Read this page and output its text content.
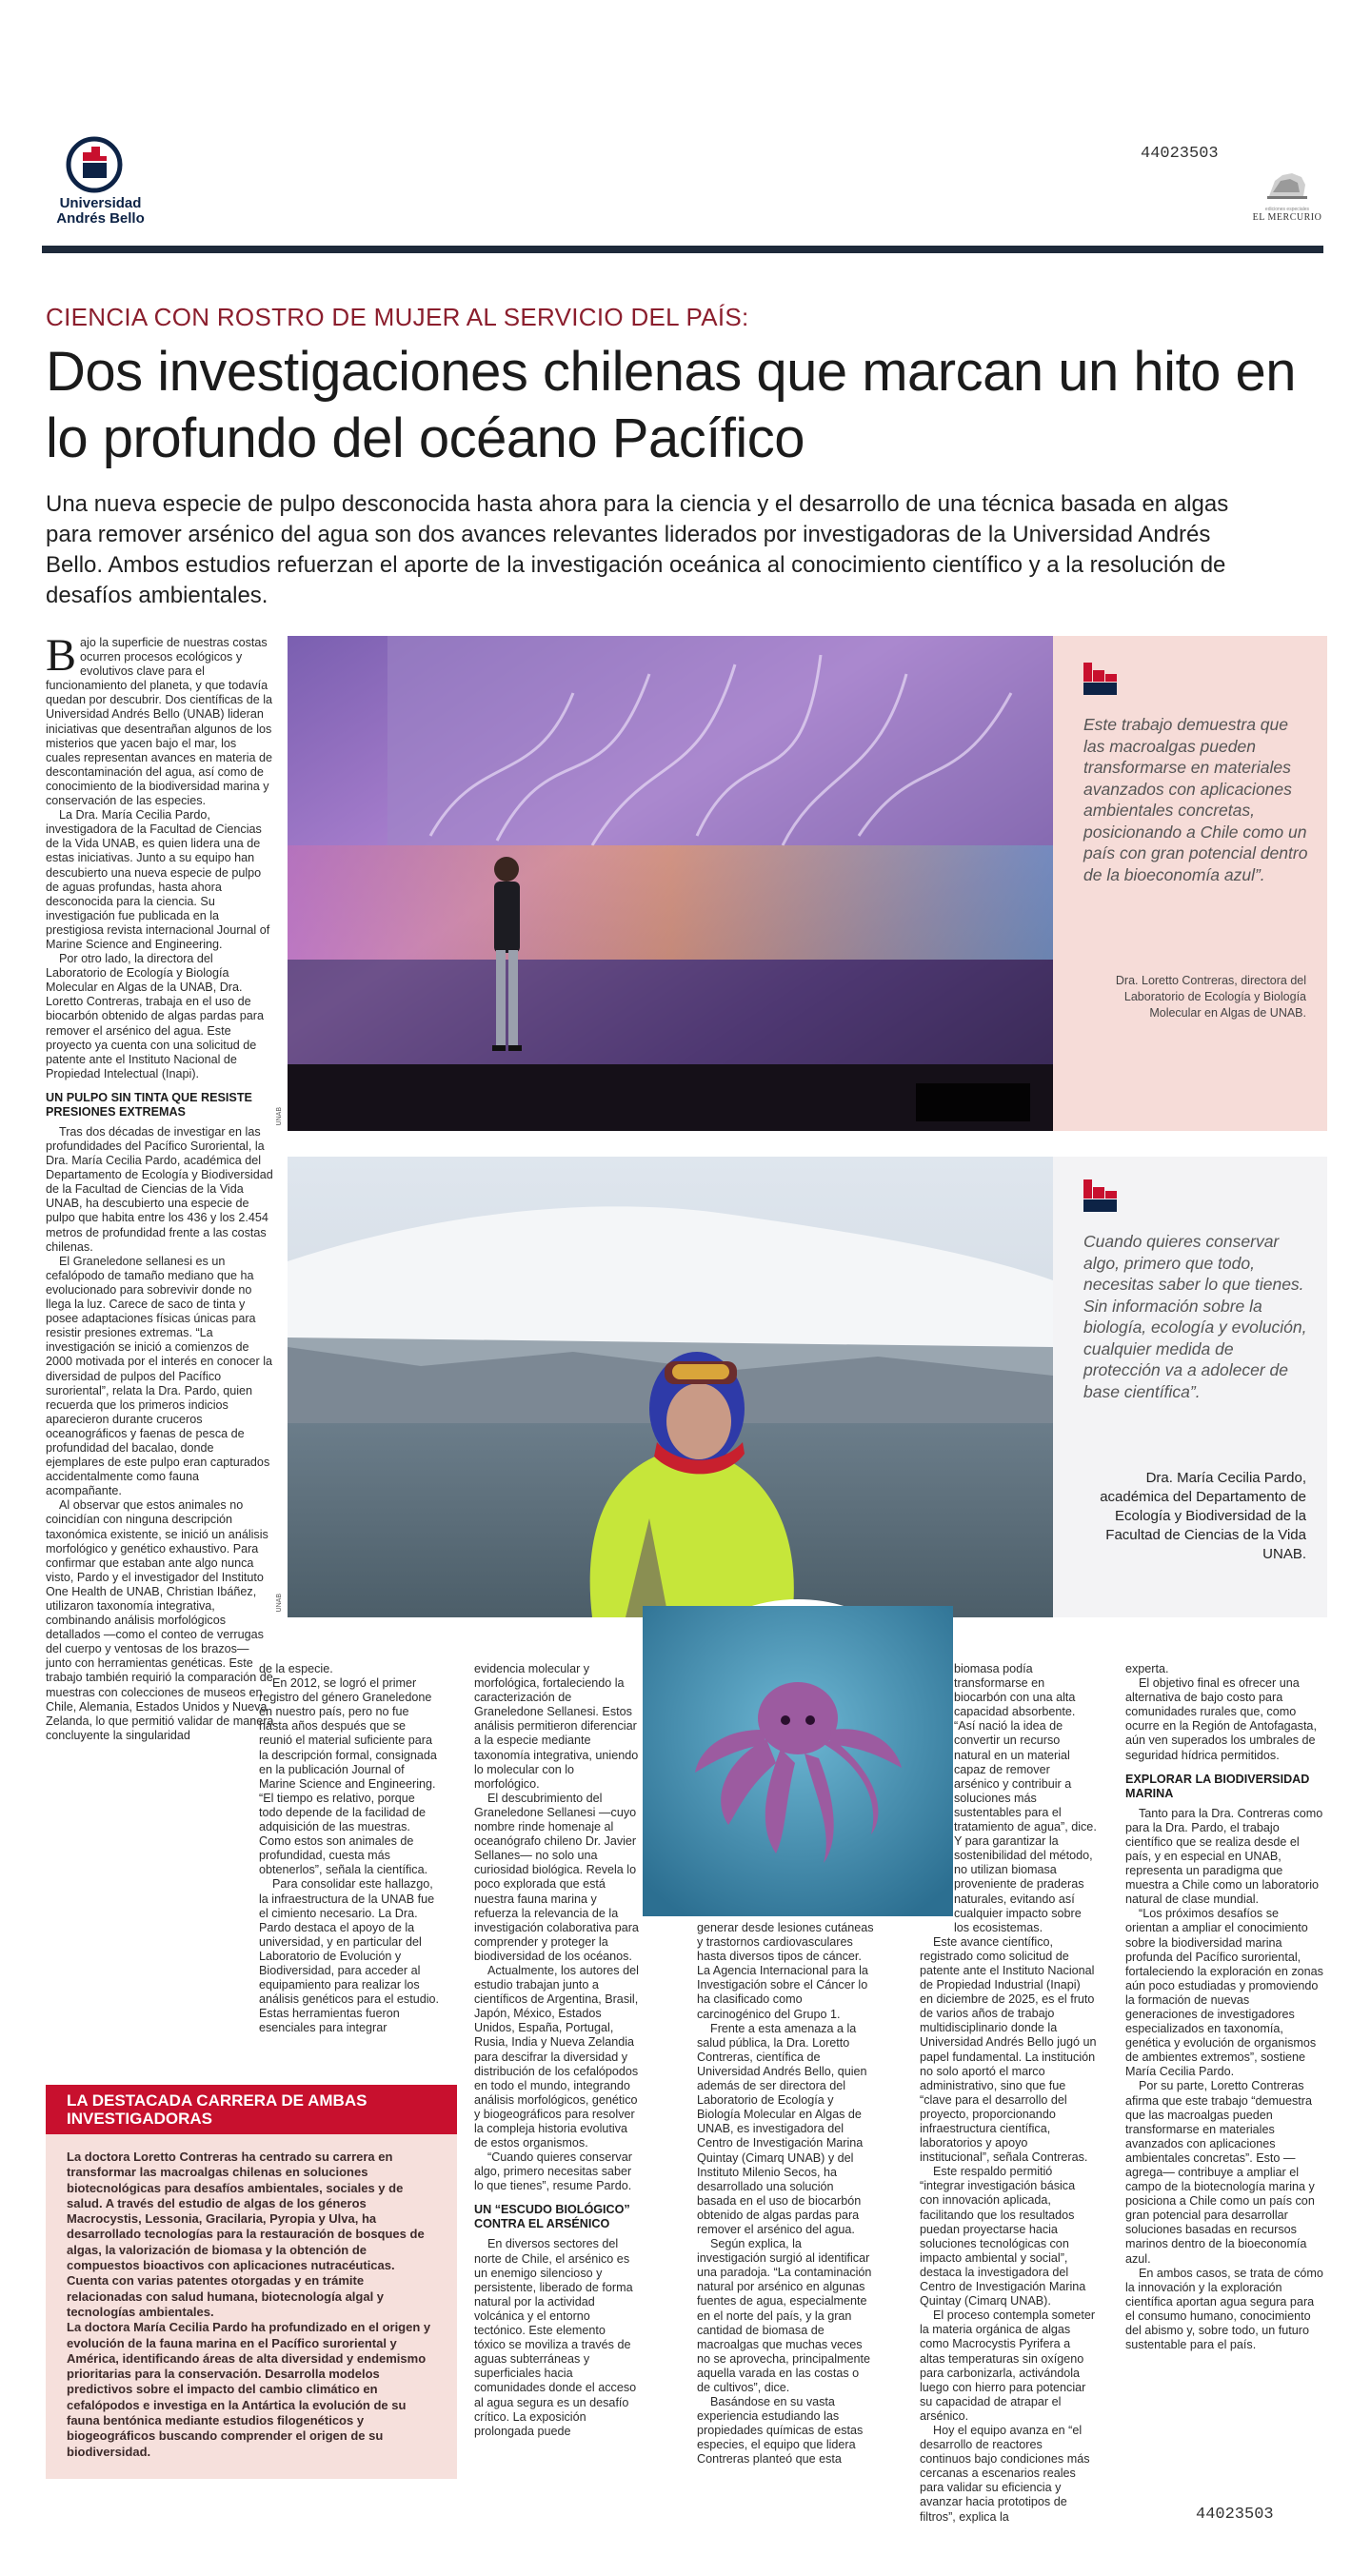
Universidad Andrés Bello
44023503
ediciones especiales
EL MERCURIO
CIENCIA CON ROSTRO DE MUJER AL SERVICIO DEL PAÍS:
Dos investigaciones chilenas que marcan un hito en lo profundo del océano Pacífico
Una nueva especie de pulpo desconocida hasta ahora para la ciencia y el desarrollo de una técnica basada en algas para remover arsénico del agua son dos avances relevantes liderados por investigadoras de la Universidad Andrés Bello. Ambos estudios refuerzan el aporte de la investigación oceánica al conocimiento científico y a la resolución de desafíos ambientales.

Bajo la superficie de nuestras costas ocurren procesos ecológicos y evolutivos clave para el funcionamiento del planeta, y que todavía quedan por descubrir. Dos científicas de la Universidad Andrés Bello (UNAB) lideran iniciativas que desentrañan algunos de los misterios que yacen bajo el mar, los cuales representan avances en materia de descontaminación del agua, así como de conocimiento de la biodiversidad marina y conservación de las especies.

La Dra. María Cecilia Pardo, investigadora de la Facultad de Ciencias de la Vida UNAB, es quien lidera una de estas iniciativas. Junto a su equipo han descubierto una nueva especie de pulpo de aguas profundas, hasta ahora desconocida para la ciencia. Su investigación fue publicada en la prestigiosa revista internacional Journal of Marine Science and Engineering.

Por otro lado, la directora del Laboratorio de Ecología y Biología Molecular en Algas de la UNAB, Dra. Loretto Contreras, trabaja en el uso de biocarbón obtenido de algas pardas para remover el arsénico del agua. Este proyecto ya cuenta con una solicitud de patente ante el Instituto Nacional de Propiedad Intelectual (Inapi).

UN PULPO SIN TINTA QUE RESISTE PRESIONES EXTREMAS

Tras dos décadas de investigar en las profundidades del Pacífico Suroriental, la Dra. María Cecilia Pardo, académica del Departamento de Ecología y Biodiversidad de la Facultad de Ciencias de la Vida UNAB, ha descubierto una especie de pulpo que habita entre los 436 y los 2.454 metros de profundidad frente a las costas chilenas.

El Graneledone sellanesi es un cefalópodo de tamaño mediano que ha evolucionado para sobrevivir donde no llega la luz. Carece de saco de tinta y posee adaptaciones físicas únicas para resistir presiones extremas. “La investigación se inició a comienzos de 2000 motivada por el interés en conocer la diversidad de pulpos del Pacífico suroriental”, relata la Dra. Pardo, quien recuerda que los primeros indicios aparecieron durante cruceros oceanográficos y faenas de pesca de profundidad del bacalao, donde ejemplares de este pulpo eran capturados accidentalmente como fauna acompañante.

Al observar que estos animales no coincidían con ninguna descripción taxonómica existente, se inició un análisis morfológico y genético exhaustivo. Para confirmar que estaban ante algo nunca visto, Pardo y el investigador del Instituto One Health de UNAB, Christian Ibáñez, utilizaron taxonomía integrativa, combinando análisis morfológicos detallados —como el conteo de verrugas del cuerpo y ventosas de los brazos— junto con herramientas genéticas. Este trabajo también requirió la comparación de muestras con colecciones de museos en Chile, Alemania, Estados Unidos y Nueva Zelanda, lo que permitió validar de manera concluyente la singularidad

UNAB
Este trabajo demuestra que las macroalgas pueden transformarse en materiales avanzados con aplicaciones ambientales concretas, posicionando a Chile como un país con gran potencial dentro de la bioeconomía azul”.
Dra. Loretto Contreras, directora del Laboratorio de Ecología y Biología Molecular en Algas de UNAB.
UNAB
Cuando quieres conservar algo, primero que todo, necesitas saber lo que tienes. Sin información sobre la biología, ecología y evolución, cualquier medida de protección va a adolecer de base científica”.
Dra. María Cecilia Pardo, académica del Departamento de Ecología y Biodiversidad de la Facultad de Ciencias de la Vida UNAB.

de la especie.

En 2012, se logró el primer registro del género Graneledone en nuestro país, pero no fue hasta años después que se reunió el material suficiente para la descripción formal, consignada en la publicación Journal of Marine Science and Engineering. “El tiempo es relativo, porque todo depende de la facilidad de adquisición de las muestras. Como estos son animales de profundidad, cuesta más obtenerlos”, señala la científica.

Para consolidar este hallazgo, la infraestructura de la UNAB fue el cimiento necesario. La Dra. Pardo destaca el apoyo de la universidad, y en particular del Laboratorio de Evolución y Biodiversidad, para acceder al equipamiento para realizar los análisis genéticos para el estudio. Estas herramientas fueron esenciales para integrar

evidencia molecular y morfológica, fortaleciendo la caracterización de Graneledone Sellanesi. Estos análisis permitieron diferenciar a la especie mediante taxonomía integrativa, uniendo lo molecular con lo morfológico.

El descubrimiento del Graneledone Sellanesi —cuyo nombre rinde homenaje al oceanógrafo chileno Dr. Javier Sellanes— no solo una curiosidad biológica. Revela lo poco explorada que está nuestra fauna marina y refuerza la relevancia de la investigación colaborativa para comprender y proteger la biodiversidad de los océanos.

Actualmente, los autores del estudio trabajan junto a científicos de Argentina, Brasil, Japón, México, Estados Unidos, España, Portugal, Rusia, India y Nueva Zelandia para descifrar la diversidad y distribución de los cefalópodos en todo el mundo, integrando análisis morfológicos, genético y biogeográficos para resolver la compleja historia evolutiva de estos organismos.

“Cuando quieres conservar algo, primero necesitas saber lo que tienes”, resume Pardo.

UN “ESCUDO BIOLÓGICO” CONTRA EL ARSÉNICO

En diversos sectores del norte de Chile, el arsénico es un enemigo silencioso y persistente, liberado de forma natural por la actividad volcánica y el entorno tectónico. Este elemento tóxico se moviliza a través de aguas subterráneas y superficiales hacia comunidades donde el acceso al agua segura es un desafío crítico. La exposición prolongada puede

generar desde lesiones cutáneas y trastornos cardiovasculares hasta diversos tipos de cáncer. La Agencia Internacional para la Investigación sobre el Cáncer lo ha clasificado como carcinogénico del Grupo 1.

Frente a esta amenaza a la salud pública, la Dra. Loretto Contreras, científica de Universidad Andrés Bello, quien además de ser directora del Laboratorio de Ecología y Biología Molecular en Algas de UNAB, es investigadora del Centro de Investigación Marina Quintay (Cimarq UNAB) y del Instituto Milenio Secos, ha desarrollado una solución basada en el uso de biocarbón obtenido de algas pardas para remover el arsénico del agua.

Según explica, la investigación surgió al identificar una paradoja. “La contaminación natural por arsénico en algunas fuentes de agua, especialmente en el norte del país, y la gran cantidad de biomasa de macroalgas que muchas veces no se aprovecha, principalmente aquella varada en las costas o de cultivos”, dice.

Basándose en su vasta experiencia estudiando las propiedades químicas de estas especies, el equipo que lidera Contreras planteó que esta

biomasa podía transformarse en biocarbón con una alta capacidad absorbente. “Así nació la idea de convertir un recurso natural en un material capaz de remover arsénico y contribuir a soluciones más sustentables para el tratamiento de agua”, dice. Y para garantizar la sostenibilidad del método, no utilizan biomasa proveniente de praderas naturales, evitando así cualquier impacto sobre los ecosistemas.

Este avance científico, registrado como solicitud de patente ante el Instituto Nacional de Propiedad Industrial (Inapi) en diciembre de 2025, es el fruto de varios años de trabajo multidisciplinario donde la Universidad Andrés Bello jugó un papel fundamental. La institución no solo aportó el marco administrativo, sino que fue “clave para el desarrollo del proyecto, proporcionando infraestructura científica, laboratorios y apoyo institucional”, señala Contreras.

Este respaldo permitió “integrar investigación básica con innovación aplicada, facilitando que los resultados puedan proyectarse hacia soluciones tecnológicas con impacto ambiental y social”, destaca la investigadora del Centro de Investigación Marina Quintay (Cimarq UNAB).

El proceso contempla someter la materia orgánica de algas como Macrocystis Pyrifera a altas temperaturas sin oxígeno para carbonizarla, activándola luego con hierro para potenciar su capacidad de atrapar el arsénico.

Hoy el equipo avanza en “el desarrollo de reactores continuos bajo condiciones más cercanas a escenarios reales para validar su eficiencia y avanzar hacia prototipos de filtros”, explica la

experta.

El objetivo final es ofrecer una alternativa de bajo costo para comunidades rurales que, como ocurre en la Región de Antofagasta, aún ven superados los umbrales de seguridad hídrica permitidos.

EXPLORAR LA BIODIVERSIDAD MARINA

Tanto para la Dra. Contreras como para la Dra. Pardo, el trabajo científico que se realiza desde el país, y en especial en UNAB, representa un paradigma que muestra a Chile como un laboratorio natural de clase mundial.

“Los próximos desafíos se orientan a ampliar el conocimiento sobre la biodiversidad marina profunda del Pacífico suroriental, fortaleciendo la exploración en zonas aún poco estudiadas y promoviendo la formación de nuevas generaciones de investigadores especializados en taxonomía, genética y evolución de organismos de ambientes extremos”, sostiene María Cecilia Pardo.

Por su parte, Loretto Contreras afirma que este trabajo “demuestra que las macroalgas pueden transformarse en materiales avanzados con aplicaciones ambientales concretas”. Esto —agrega— contribuye a ampliar el campo de la biotecnología marina y posiciona a Chile como un país con gran potencial para desarrollar soluciones basadas en recursos marinos dentro de la bioeconomía azul.

En ambos casos, se trata de cómo la innovación y la exploración científica aportan agua segura para el consumo humano, conocimiento del abismo y, sobre todo, un futuro sustentable para el país.

LA DESTACADA CARRERA DE AMBAS INVESTIGADORAS

La doctora Loretto Contreras ha centrado su carrera en transformar las macroalgas chilenas en soluciones biotecnológicas para desafíos ambientales, sociales y de salud. A través del estudio de algas de los géneros Macrocystis, Lessonia, Gracilaria, Pyropia y Ulva, ha desarrollado tecnologías para la restauración de bosques de algas, la valorización de biomasa y la obtención de compuestos bioactivos con aplicaciones nutracéuticas. Cuenta con varias patentes otorgadas y en trámite relacionadas con salud humana, biotecnología algal y tecnologías ambientales.

La doctora María Cecilia Pardo ha profundizado en el origen y evolución de la fauna marina en el Pacífico suroriental y América, identificando áreas de alta diversidad y endemismo prioritarias para la conservación. Desarrolla modelos predictivos sobre el impacto del cambio climático en cefalópodos e investiga en la Antártica la evolución de su fauna bentónica mediante estudios filogenéticos y biogeográficos buscando comprender el origen de su biodiversidad.

44023503
